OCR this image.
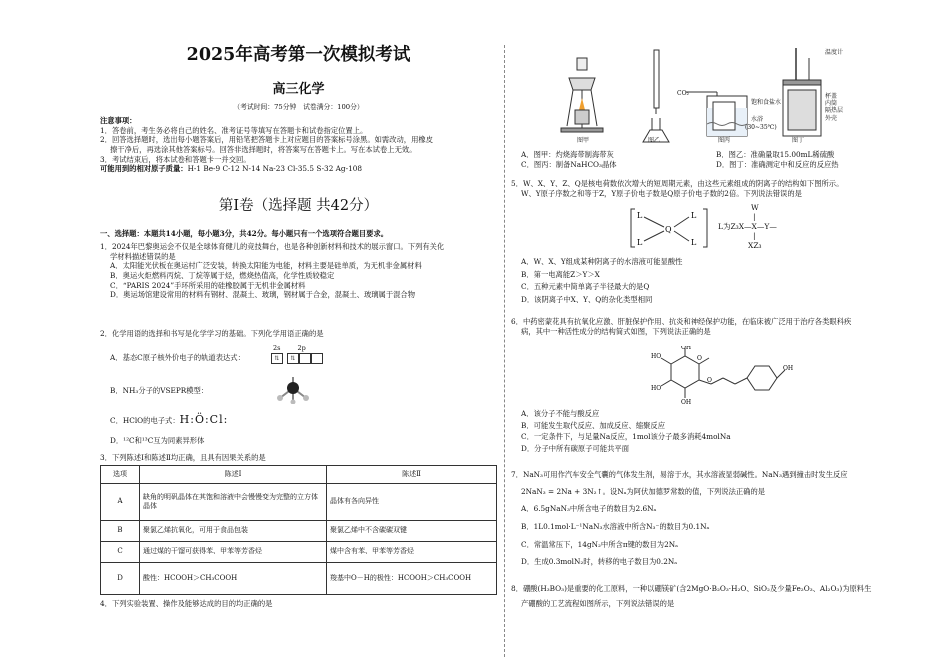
2025年高考第一次模拟考试
高三化学
（考试时间：75分钟　试卷满分：100分）
注意事项：
1．答卷前，考生务必将自己的姓名、准考证号等填写在答题卡和试卷指定位置上。
2．回答选择题时，选出每小题答案后，用铅笔把答题卡上对应题目的答案标号涂黑。如需改动，用橡皮
擦干净后，再选涂其他答案标号。回答非选择题时，将答案写在答题卡上。写在本试卷上无效。
3．考试结束后，将本试卷和答题卡一并交回。
可能用到的相对原子质量：H-1 Be-9 C-12 N-14 Na-23 Cl-35.5 S-32 Ag-108
第Ⅰ卷（选择题 共42分）
一、选择题：本题共14小题，每小题3分，共42分。每小题只有一个选项符合题目要求。
1．2024年巴黎奥运会不仅是全球体育健儿的竞技舞台，也是各种创新材料和技术的展示窗口。下列有关化
学材料描述错误的是
A．太阳能光伏板在奥运村广泛安装，转换太阳能为电能，材料主要是硅单质，为无机非金属材料
B．奥运火炬燃料丙烷、丁烷等属于烃，燃烧热值高，化学性质较稳定
C．“PARIS 2024”手环所采用的硅橡胶属于无机非金属材料
D．奥运场馆建设常用的材料有钢材、混凝土、玻璃，钢材属于合金，混凝土、玻璃属于混合物
2．化学用语的选择和书写是化学学习的基础。下列化学用语正确的是
A．基态C原子核外价电子的轨道表达式：
2s	2p
⇅ ⇅
B．NH₃分子的VSEPR模型：
C．HClO的电子式：H:Ö:Cl:
D．¹²C和¹³C互为同素异形体
3．下列陈述Ⅰ和陈述Ⅱ均正确，且具有因果关系的是
选项	陈述Ⅰ	陈述Ⅱ
A	缺角的明矾晶体在其饱和溶液中会慢慢变为完整的立方体晶体	晶体有各向异性
B	聚氯乙烯抗氧化，可用于食品包装	聚氯乙烯中不含碳碳双键
C	通过煤的干馏可获得苯、甲苯等芳香烃	煤中含有苯、甲苯等芳香烃
D	酸性：HCOOH＞CH₃COOH	羧基中O－H的极性：HCOOH＞CH₃COOH
4．下列实验装置、操作及能够达成的目的均正确的是
CO₂
饱和食盐水
水浴
(30~35℃)
温度计
杯盖
内筒
隔热层
外壳
图甲	图乙	图丙	图丁
A．图甲：灼烧海带制海带灰	B．图乙：准确量取15.00mL稀硫酸
C．图丙：制备NaHCO₃晶体	D．图丁：准确测定中和反应的反应热
5．W、X、Y、Z、Q是核电荷数依次增大的短周期元素，由这些元素组成的阴离子的结构如下图所示。
W、Y原子序数之和等于Z，Y原子价电子数是Q原子价电子数的2倍。下列说法错误的是
L	L
L	L
Q
W
|
L为Z₃X—X—Y—
|
XZ₃
A．W、X、Y组成某种阴离子的水溶液可能显酸性
B．第一电离能Z＞Y＞X
C．五种元素中简单离子半径最大的是Q
D．该阴离子中X、Y、Q的杂化类型相同
6．中药密蒙花具有抗氧化应激、肝脏保护作用、抗炎和神经保护功能，在临床被广泛用于治疗各类眼科疾
病，其中一种活性成分的结构简式如图，下列说法正确的是
OH
HO
HO
OH
O
O
OH
A．该分子不能与酸反应
B．可能发生取代反应、加成反应、缩聚反应
C．一定条件下，与足量Na反应，1mol该分子最多消耗4molNa
D．分子中所有碳原子可能共平面
7．NaN₃可用作汽车安全气囊的气体发生剂，易溶于水，其水溶液显弱碱性。NaN₃遇到撞击时发生反应
2NaN₃ = 2Na + 3N₂↑。设Nₐ为阿伏加德罗常数的值，下列说法正确的是
A．6.5gNaN₃中所含电子的数目为2.6Nₐ
B．1L0.1mol·L⁻¹NaN₃水溶液中所含N₃⁻的数目为0.1Nₐ
C．常温常压下，14gN₂中所含π键的数目为2Nₐ
D．生成0.3molN₂时，转移的电子数目为0.2Nₐ
8．硼酸(H₃BO₃)是重要的化工原料，一种以硼镁矿(含2MgO·B₂O₃·H₂O、SiO₂及少量Fe₂O₃、Al₂O₃)为原料生
产硼酸的工艺流程如图所示，下列说法错误的是
